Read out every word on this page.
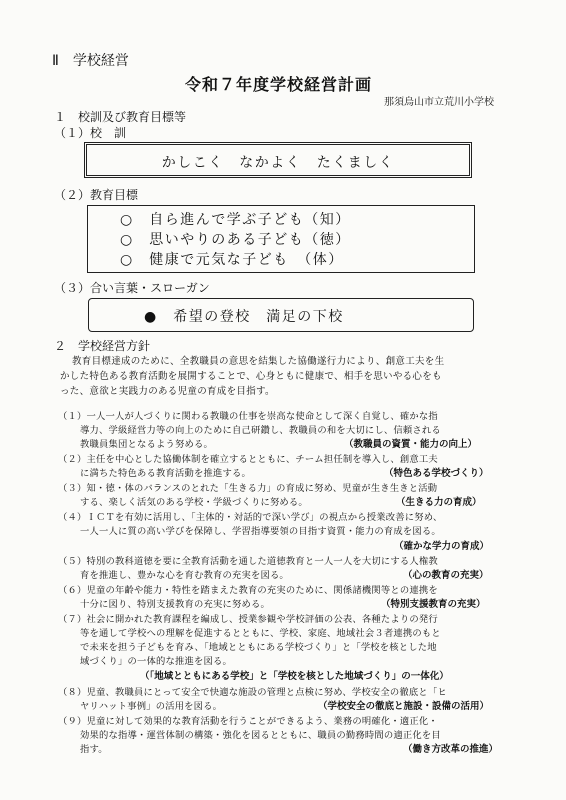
Ⅱ　学校経営
令和７年度学校経営計画
那須烏山市立荒川小学校
１　校訓及び教育目標等
（１）校　訓
かしこく　なかよく　たくましく
（２）教育目標
○　自ら進んで学ぶ子ども（知）
○　思いやりのある子ども（徳）
○　健康で元気な子ども　（体）
（３）合い言葉・スローガン
●　希望の登校　満足の下校
２　学校経営方針
教育目標達成のために、全教職員の意思を結集した協働遂行力により、創意工夫を生
かした特色ある教育活動を展開することで、心身ともに健康で、相手を思いやる心をも
った、意欲と実践力のある児童の育成を目指す。
（１）一人一人が人づくりに関わる教職の仕事を崇高な使命として深く自覚し、確かな指
導力、学級経営力等の向上のために自己研鑽し、教職員の和を大切にし、信頼される
教職員集団となるよう努める。	（教職員の資質・能力の向上）
（２）主任を中心とした協働体制を確立するとともに、チーム担任制を導入し、創意工夫
に満ちた特色ある教育活動を推進する。	（特色ある学校づくり）
（３）知・徳・体のバランスのとれた「生きる力」の育成に努め、児童が生き生きと活動
する、楽しく活気のある学校・学級づくりに努める。	（生きる力の育成）
（４）ＩＣＴを有効に活用し、「主体的・対話的で深い学び」の視点から授業改善に努め、
一人一人に質の高い学びを保障し、学習指導要領の目指す資質・能力の育成を図る。
（確かな学力の育成）
（５）特別の教科道徳を要に全教育活動を通した道徳教育と一人一人を大切にする人権教
育を推進し、豊かな心を育む教育の充実を図る。	（心の教育の充実）
（６）児童の年齢や能力・特性を踏まえた教育の充実のために、関係諸機関等との連携を
十分に図り、特別支援教育の充実に努める。	（特別支援教育の充実）
（７）社会に開かれた教育課程を編成し、授業参観や学校評価の公表、各種たよりの発行
等を通して学校への理解を促進するとともに、学校、家庭、地域社会３者連携のもと
で未来を担う子どもを育み、「地域とともにある学校づくり」と「学校を核とした地
域づくり」の一体的な推進を図る。
（「地域とともにある学校」と「学校を核とした地域づくり」の一体化）
（８）児童、教職員にとって安全で快適な施設の管理と点検に努め、学校安全の徹底と「ヒ
ヤリハット事例」の活用を図る。	（学校安全の徹底と施設・設備の活用）
（９）児童に対して効果的な教育活動を行うことができるよう、業務の明確化・適正化・
効果的な指導・運営体制の構築・強化を図るとともに、職員の勤務時間の適正化を目
指す。	（働き方改革の推進）
